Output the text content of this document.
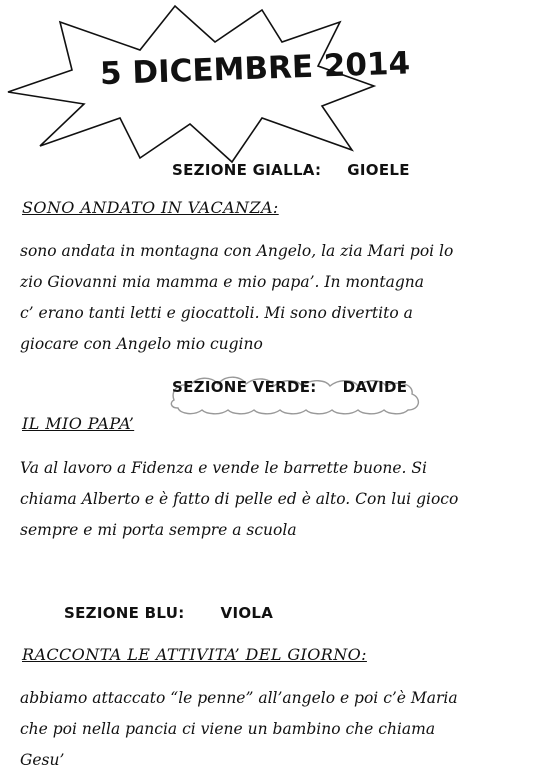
5 DICEMBRE 2014
SEZIONE GIALLA: GIOELE
SONO ANDATO IN VACANZA:
sono andata in montagna con Angelo, la zia Mari poi lo
zio Giovanni mia mamma e mio papa’. In montagna
c’ erano tanti letti e giocattoli. Mi sono divertito a
giocare con Angelo mio cugino
SEZIONE VERDE: DAVIDE
IL MIO PAPA’
Va al lavoro a Fidenza e vende le barrette buone. Si
chiama Alberto e è fatto di pelle ed è alto. Con lui gioco
sempre e mi porta sempre a scuola
SEZIONE BLU: VIOLA
RACCONTA LE ATTIVITA’ DEL GIORNO:
abbiamo attaccato “le penne” all’angelo e poi c’è Maria
che poi nella pancia ci viene un bambino che chiama
Gesu’
